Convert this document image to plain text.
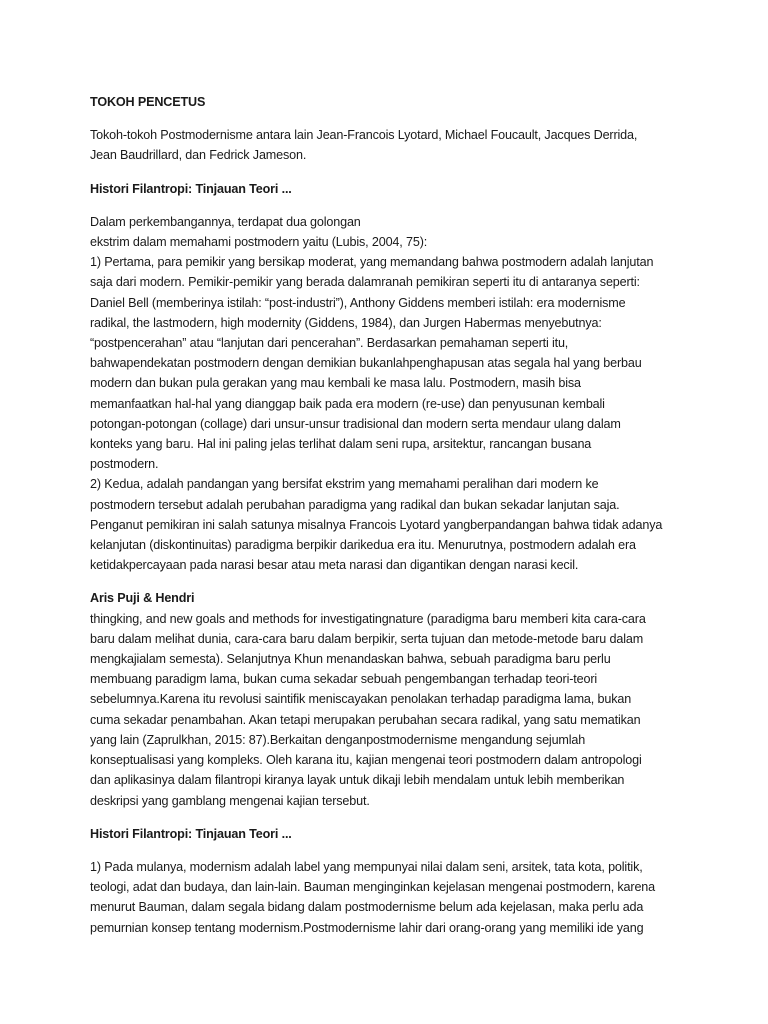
TOKOH PENCETUS

Tokoh-tokoh Postmodernisme antara lain Jean-Francois Lyotard, Michael Foucault, Jacques Derrida,
Jean Baudrillard, dan Fedrick Jameson.

Histori Filantropi: Tinjauan Teori ...

Dalam perkembangannya, terdapat dua golongan
ekstrim dalam memahami postmodern yaitu (Lubis, 2004, 75):
1) Pertama, para pemikir yang bersikap moderat, yang memandang bahwa postmodern adalah lanjutan
saja dari modern. Pemikir-pemikir yang berada dalamranah pemikiran seperti itu di antaranya seperti:
Daniel Bell (memberinya istilah: “post-industri”), Anthony Giddens memberi istilah: era modernisme
radikal, the lastmodern, high modernity (Giddens, 1984), dan Jurgen Habermas menyebutnya:
“postpencerahan” atau “lanjutan dari pencerahan”. Berdasarkan pemahaman seperti itu,
bahwapendekatan postmodern dengan demikian bukanlahpenghapusan atas segala hal yang berbau
modern dan bukan pula gerakan yang mau kembali ke masa lalu. Postmodern, masih bisa
memanfaatkan hal-hal yang dianggap baik pada era modern (re-use) dan penyusunan kembali
potongan-potongan (collage) dari unsur-unsur tradisional dan modern serta mendaur ulang dalam
konteks yang baru. Hal ini paling jelas terlihat dalam seni rupa, arsitektur, rancangan busana
postmodern.
2) Kedua, adalah pandangan yang bersifat ekstrim yang memahami peralihan dari modern ke
postmodern tersebut adalah perubahan paradigma yang radikal dan bukan sekadar lanjutan saja.
Penganut pemikiran ini salah satunya misalnya Francois Lyotard yangberpandangan bahwa tidak adanya
kelanjutan (diskontinuitas) paradigma berpikir darikedua era itu. Menurutnya, postmodern adalah era
ketidakpercayaan pada narasi besar atau meta narasi dan digantikan dengan narasi kecil.

Aris Puji & Hendri

thingking, and new goals and methods for investigatingnature (paradigma baru memberi kita cara-cara
baru dalam melihat dunia, cara-cara baru dalam berpikir, serta tujuan dan metode-metode baru dalam
mengkajialam semesta). Selanjutnya Khun menandaskan bahwa, sebuah paradigma baru perlu
membuang paradigm lama, bukan cuma sekadar sebuah pengembangan terhadap teori-teori
sebelumnya.Karena itu revolusi saintifik meniscayakan penolakan terhadap paradigma lama, bukan
cuma sekadar penambahan. Akan tetapi merupakan perubahan secara radikal, yang satu mematikan
yang lain (Zaprulkhan, 2015: 87).Berkaitan denganpostmodernisme mengandung sejumlah
konseptualisasi yang kompleks. Oleh karana itu, kajian mengenai teori postmodern dalam antropologi
dan aplikasinya dalam filantropi kiranya layak untuk dikaji lebih mendalam untuk lebih memberikan
deskripsi yang gamblang mengenai kajian tersebut.

Histori Filantropi: Tinjauan Teori ...

1) Pada mulanya, modernism adalah label yang mempunyai nilai dalam seni, arsitek, tata kota, politik,
teologi, adat dan budaya, dan lain-lain. Bauman menginginkan kejelasan mengenai postmodern, karena
menurut Bauman, dalam segala bidang dalam postmodernisme belum ada kejelasan, maka perlu ada
pemurnian konsep tentang modernism.Postmodernisme lahir dari orang-orang yang memiliki ide yang
